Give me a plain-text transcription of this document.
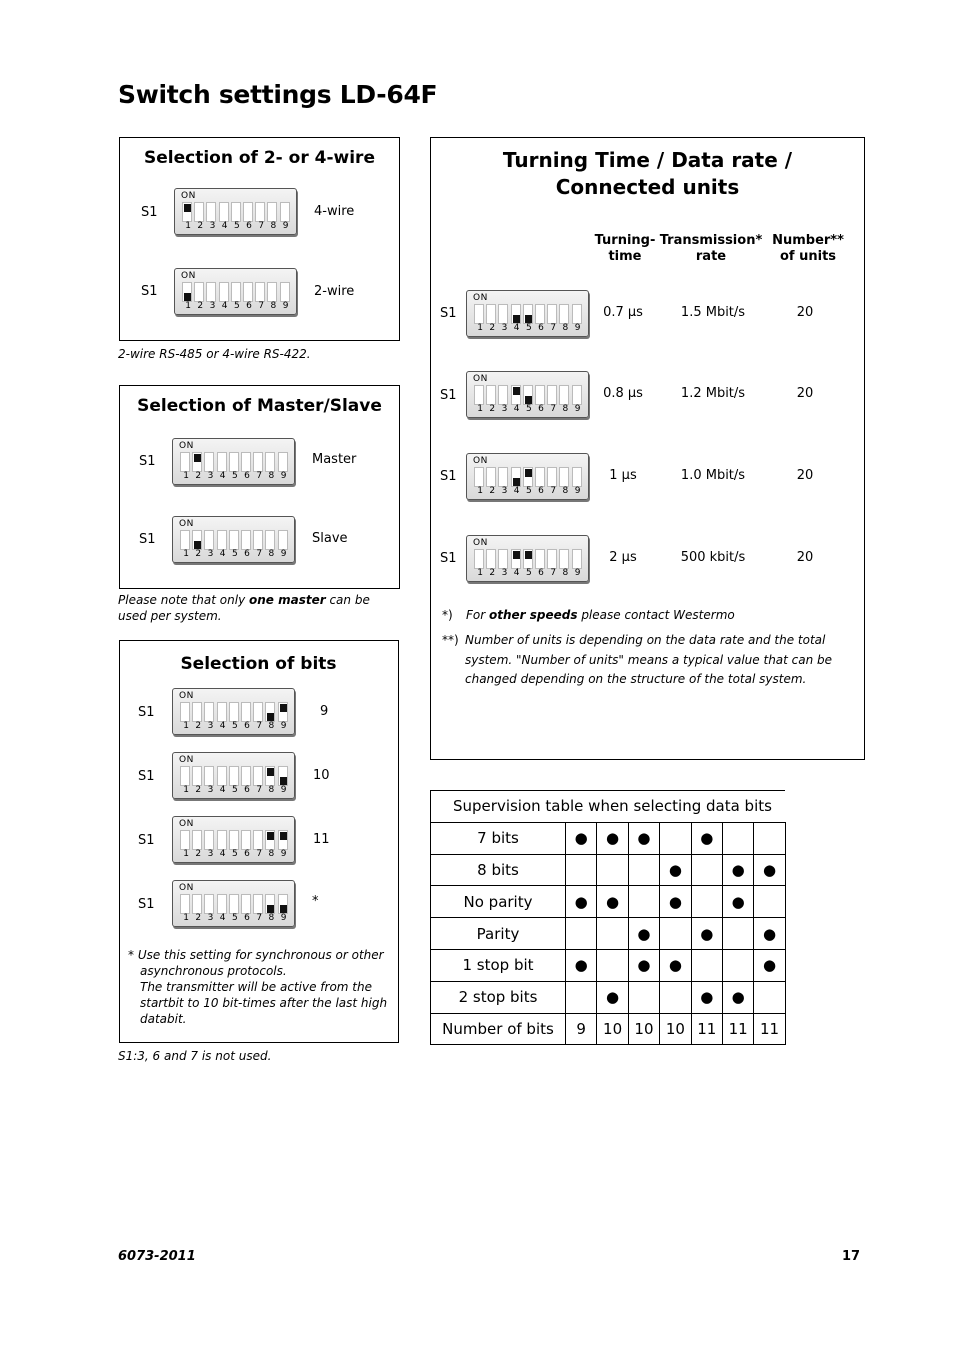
Switch settings LD-64F
Selection of 2- or 4-wire
S1
ON
1 2 3 4 5 6 7 8 9
4-wire
S1
ON
1 2 3 4 5 6 7 8 9
2-wire
2-wire RS-485 or 4-wire RS-422.
Selection of Master/Slave
S1
ON
1 2 3 4 5 6 7 8 9
Master
S1
ON
1 2 3 4 5 6 7 8 9
Slave
Please note that only one master can be used per system.
Selection of bits
S1
ON
1 2 3 4 5 6 7 8 9
9
S1
ON
1 2 3 4 5 6 7 8 9
10
S1
ON
1 2 3 4 5 6 7 8 9
11
S1
ON
1 2 3 4 5 6 7 8 9
*
* Use this setting for synchronous or other
asynchronous protocols.
The transmitter will be active from the
startbit to 10 bit-times after the last high
databit.
S1:3, 6 and 7 is not used.
Turning Time / Data rate /
Connected units
Turning-
time
Transmission*
rate
Number**
of units
S1
ON
1 2 3 4 5 6 7 8 9
0.7 µs	1.5 Mbit/s	20
S1
ON
1 2 3 4 5 6 7 8 9
0.8 µs	1.2 Mbit/s	20
S1
ON
1 2 3 4 5 6 7 8 9
1 µs	1.0 Mbit/s	20
S1
ON
1 2 3 4 5 6 7 8 9
2 µs	500 kbit/s	20
*) For other speeds please contact Westermo
**) Number of units is depending on the data rate and the total
system. "Number of units" means a typical value that can be
changed depending on the structure of the total system.
Supervision table when selecting data bits							
7 bits	●	●	●		●		
8 bits				●		●	●
No parity	●	●		●		●	
Parity			●		●		●
1 stop bit	●		●	●			●
2 stop bits		●			●	●	
Number of bits	9	10	10	10	11	11	11
6073-2011	17
